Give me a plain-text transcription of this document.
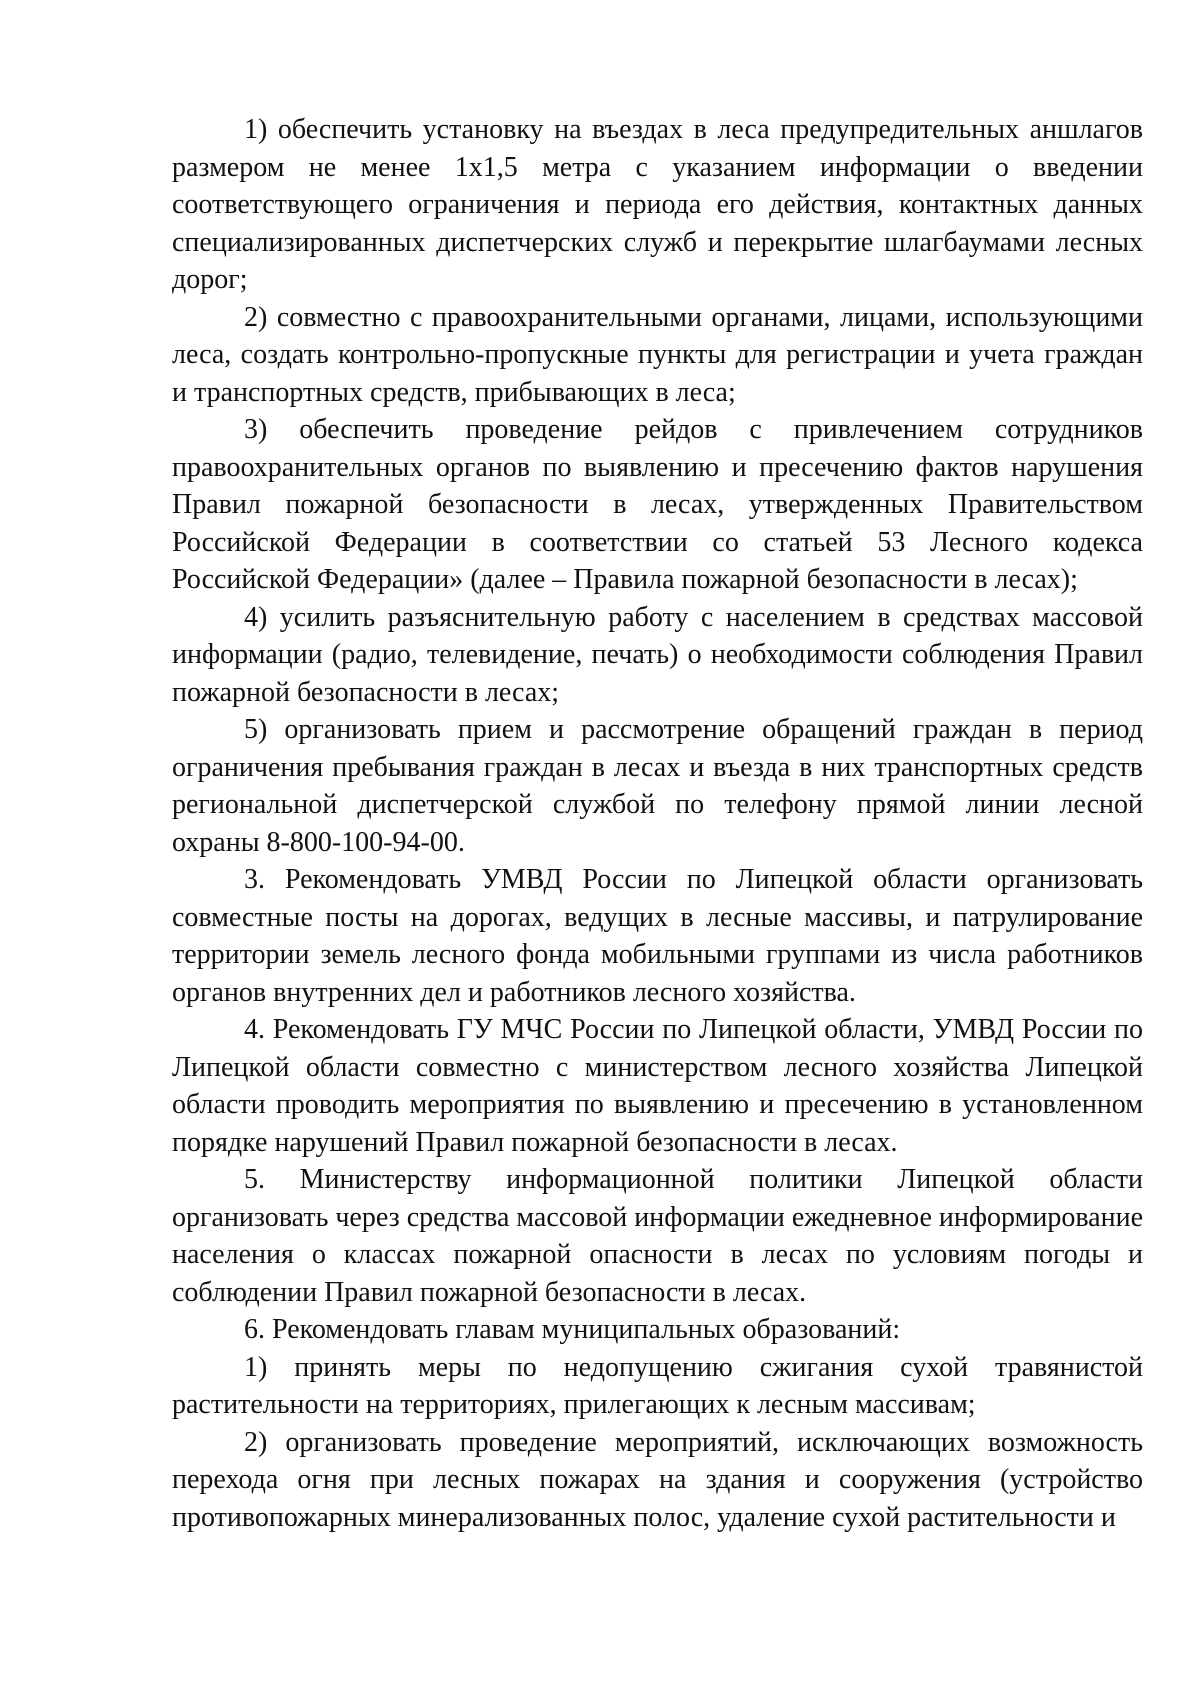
1) обеспечить установку на въездах в леса предупредительных аншлагов размером не менее 1х1,5 метра с указанием информации о введении соответствующего ограничения и периода его действия, контактных данных специализированных диспетчерских служб и перекрытие шлагбаумами лесных дорог;

2) совместно с правоохранительными органами, лицами, использующими леса, создать контрольно-пропускные пункты для регистрации и учета граждан и транспортных средств, прибывающих в леса;

3) обеспечить проведение рейдов с привлечением сотрудников правоохранительных органов по выявлению и пресечению фактов нарушения Правил пожарной безопасности в лесах, утвержденных Правительством Российской Федерации в соответствии со статьей 53 Лесного кодекса Российской Федерации» (далее – Правила пожарной безопасности в лесах);

4) усилить разъяснительную работу с населением в средствах массовой информации (радио, телевидение, печать) о необходимости соблюдения Правил пожарной безопасности в лесах;

5) организовать прием и рассмотрение обращений граждан в период ограничения пребывания граждан в лесах и въезда в них транспортных средств региональной диспетчерской службой по телефону прямой линии лесной охраны 8-800-100-94-00.

3. Рекомендовать УМВД России по Липецкой области организовать совместные посты на дорогах, ведущих в лесные массивы, и патрулирование территории земель лесного фонда мобильными группами из числа работников органов внутренних дел и работников лесного хозяйства.

4. Рекомендовать ГУ МЧС России по Липецкой области, УМВД России по Липецкой области совместно с министерством лесного хозяйства Липецкой области проводить мероприятия по выявлению и пресечению в установленном порядке нарушений Правил пожарной безопасности в лесах.

5. Министерству информационной политики Липецкой области организовать через средства массовой информации ежедневное информирование населения о классах пожарной опасности в лесах по условиям погоды и соблюдении Правил пожарной безопасности в лесах.

6. Рекомендовать главам муниципальных образований:

1) принять меры по недопущению сжигания сухой травянистой растительности на территориях, прилегающих к лесным массивам;

2) организовать проведение мероприятий, исключающих возможность перехода огня при лесных пожарах на здания и сооружения (устройство противопожарных минерализованных полос, удаление сухой растительности и
